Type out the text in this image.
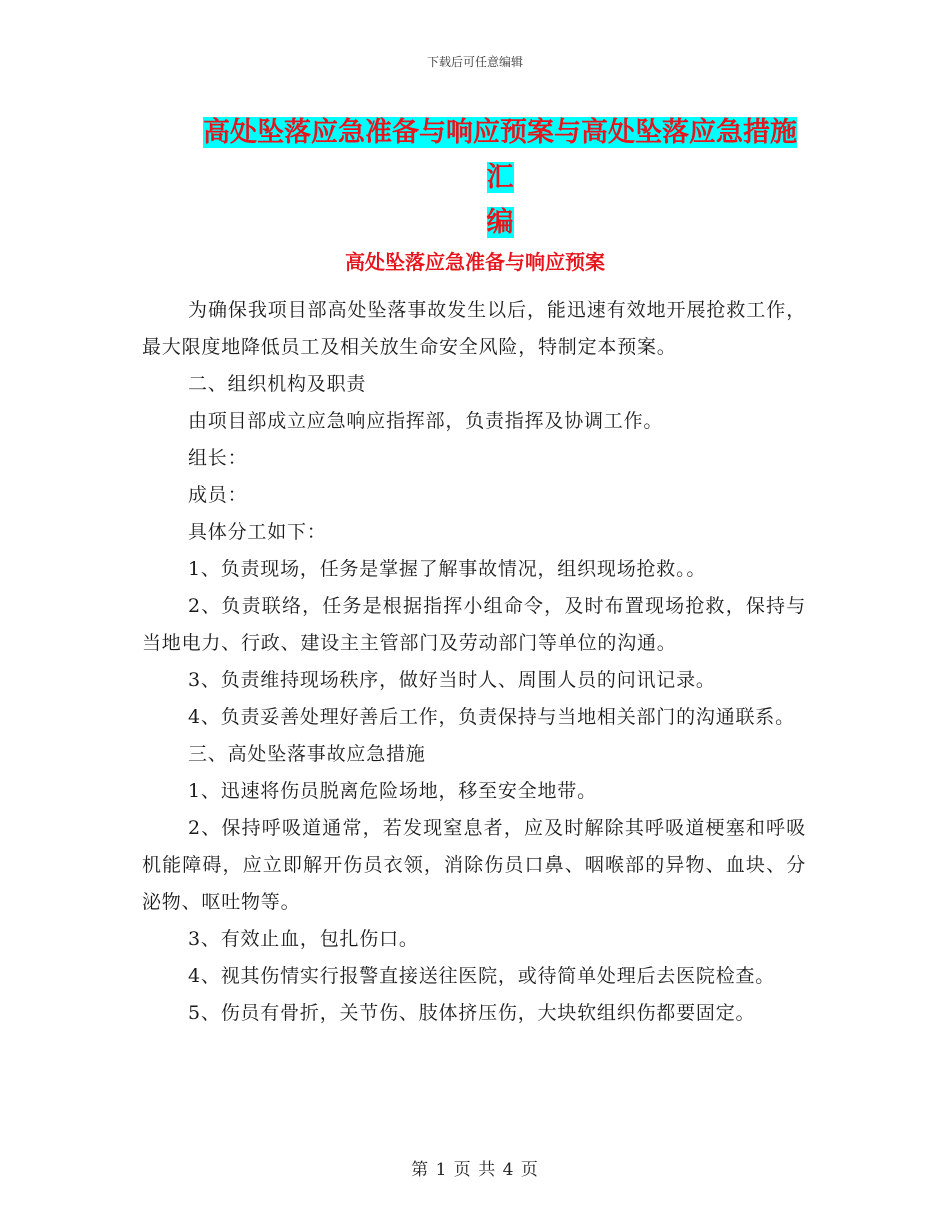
下载后可任意编辑
高处坠落应急准备与响应预案与高处坠落应急措施汇
编
高处坠落应急准备与响应预案

为确保我项目部高处坠落事故发生以后，能迅速有效地开展抢救工作，最大限度地降低员工及相关放生命安全风险，特制定本预案。

二、组织机构及职责

由项目部成立应急响应指挥部，负责指挥及协调工作。

组长：

成员：

具体分工如下：

1、负责现场，任务是掌握了解事故情况，组织现场抢救。。

2、负责联络，任务是根据指挥小组命令，及时布置现场抢救，保持与当地电力、行政、建设主主管部门及劳动部门等单位的沟通。

3、负责维持现场秩序，做好当时人、周围人员的问讯记录。

4、负责妥善处理好善后工作，负责保持与当地相关部门的沟通联系。

三、高处坠落事故应急措施

1、迅速将伤员脱离危险场地，移至安全地带。

2、保持呼吸道通常，若发现窒息者，应及时解除其呼吸道梗塞和呼吸机能障碍，应立即解开伤员衣领，消除伤员口鼻、咽喉部的异物、血块、分泌物、呕吐物等。

3、有效止血，包扎伤口。

4、视其伤情实行报警直接送往医院，或待简单处理后去医院检查。

5、伤员有骨折，关节伤、肢体挤压伤，大块软组织伤都要固定。

第 1 页 共 4 页
